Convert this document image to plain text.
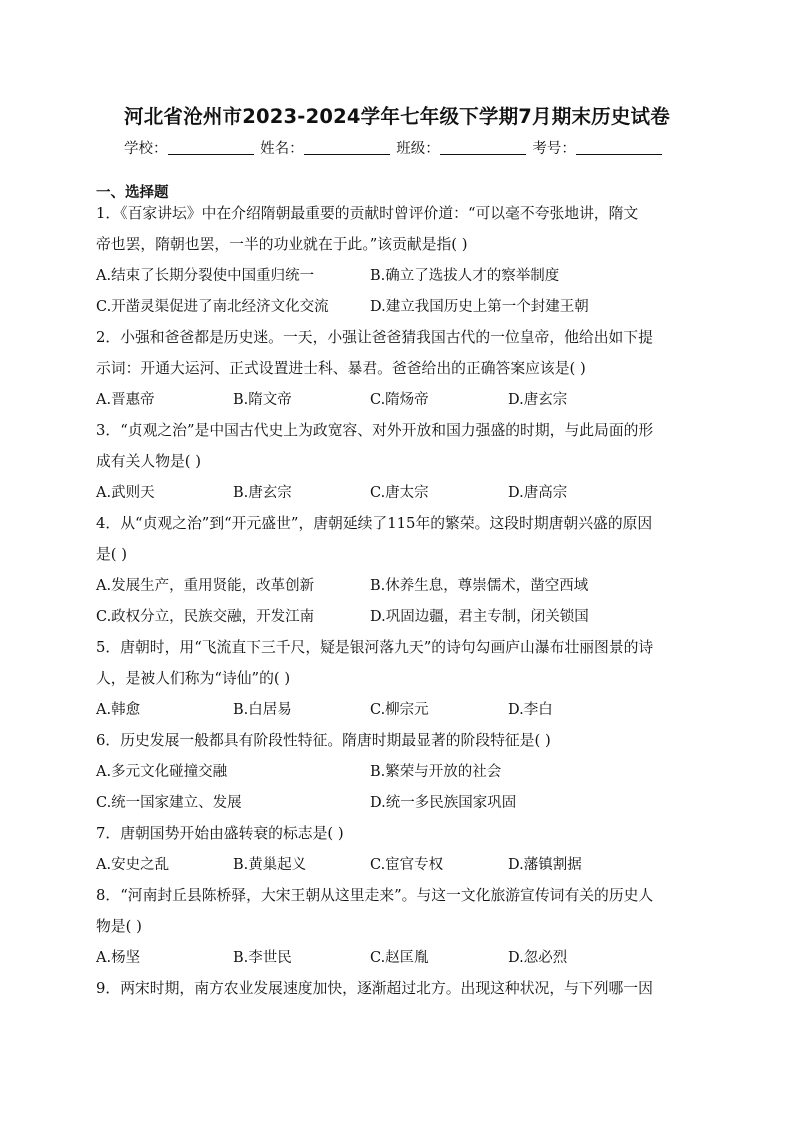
河北省沧州市2023-2024学年七年级下学期7月期末历史试卷
学校：	姓名：	班级：	考号：
一、选择题
1．《百家讲坛》中在介绍隋朝最重要的贡献时曾评价道：“可以毫不夸张地讲，隋文
帝也罢，隋朝也罢，一半的功业就在于此。”该贡献是指( )
A.结束了长期分裂使中国重归统一	B.确立了选拔人才的察举制度
C.开凿灵渠促进了南北经济文化交流	D.建立我国历史上第一个封建王朝
2．小强和爸爸都是历史迷。一天，小强让爸爸猜我国古代的一位皇帝，他给出如下提
示词：开通大运河、正式设置进士科、暴君。爸爸给出的正确答案应该是( )
A.晋惠帝	B.隋文帝	C.隋炀帝	D.唐玄宗
3．“贞观之治”是中国古代史上为政宽容、对外开放和国力强盛的时期，与此局面的形
成有关人物是( )
A.武则天	B.唐玄宗	C.唐太宗	D.唐高宗
4．从“贞观之治”到“开元盛世”，唐朝延续了115年的繁荣。这段时期唐朝兴盛的原因
是( )
A.发展生产，重用贤能，改革创新	B.休养生息，尊崇儒术，凿空西域
C.政权分立，民族交融，开发江南	D.巩固边疆，君主专制，闭关锁国
5．唐朝时，用“飞流直下三千尺，疑是银河落九天”的诗句勾画庐山瀑布壮丽图景的诗
人，是被人们称为“诗仙”的( )
A.韩愈	B.白居易	C.柳宗元	D.李白
6．历史发展一般都具有阶段性特征。隋唐时期最显著的阶段特征是( )
A.多元文化碰撞交融	B.繁荣与开放的社会
C.统一国家建立、发展	D.统一多民族国家巩固
7．唐朝国势开始由盛转衰的标志是( )
A.安史之乱	B.黄巢起义	C.宦官专权	D.藩镇割据
8．“河南封丘县陈桥驿，大宋王朝从这里走来”。与这一文化旅游宣传词有关的历史人
物是( )
A.杨坚	B.李世民	C.赵匡胤	D.忽必烈
9．两宋时期，南方农业发展速度加快，逐渐超过北方。出现这种状况，与下列哪一因
